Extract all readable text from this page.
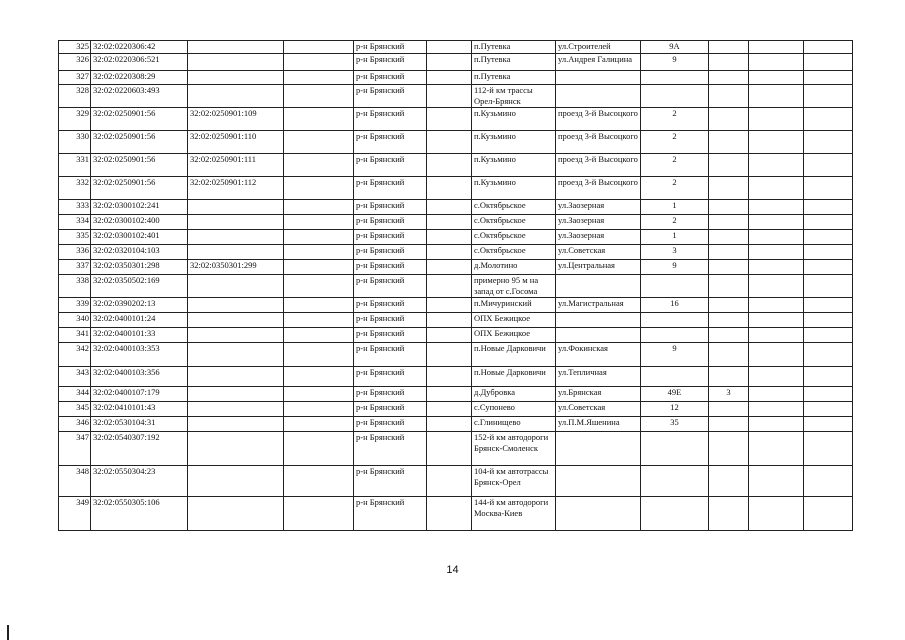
325	32:02:0220306:42			р-н Брянский		п.Путевка	ул.Строителей	9А			
326	32:02:0220306:521			р-н Брянский		п.Путевка	ул.Андрея Галицина	9			
327	32:02:0220308:29			р-н Брянский		п.Путевка					
328	32:02:0220603:493			р-н Брянский		112-й км трассы Орел-Брянск					
329	32:02:0250901:56	32:02:0250901:109		р-н Брянский		п.Кузьмино	проезд 3-й Высоцкого	2			
330	32:02:0250901:56	32:02:0250901:110		р-н Брянский		п.Кузьмино	проезд 3-й Высоцкого	2			
331	32:02:0250901:56	32:02:0250901:111		р-н Брянский		п.Кузьмино	проезд 3-й Высоцкого	2			
332	32:02:0250901:56	32:02:0250901:112		р-н Брянский		п.Кузьмино	проезд 3-й Высоцкого	2			
333	32:02:0300102:241			р-н Брянский		с.Октябрьское	ул.Заозерная	1			
334	32:02:0300102:400			р-н Брянский		с.Октябрьское	ул.Заозерная	2			
335	32:02:0300102:401			р-н Брянский		с.Октябрьское	ул.Заозерная	1			
336	32:02:0320104:103			р-н Брянский		с.Октябрьское	ул.Советская	3			
337	32:02:0350301:298	32:02:0350301:299		р-н Брянский		д.Молотино	ул.Центральная	9			
338	32:02:0350502:169			р-н Брянский		примерно 95 м на запад от с.Госома					
339	32:02:0390202:13			р-н Брянский		п.Мичуринский	ул.Магистральная	16			
340	32:02:0400101:24			р-н Брянский		ОПХ Бежицкое					
341	32:02:0400101:33			р-н Брянский		ОПХ Бежицкое					
342	32:02:0400103:353			р-н Брянский		п.Новые Дарковичи	ул.Фокинская	9			
343	32:02:0400103:356			р-н Брянский		п.Новые Дарковичи	ул.Тепличная				
344	32:02:0400107:179			р-н Брянский		д.Дубровка	ул.Брянская	49Е	3		
345	32:02:0410101:43			р-н Брянский		с.Супонево	ул.Советская	12			
346	32:02:0530104:31			р-н Брянский		с.Глинищево	ул.П.М.Яшенина	35			
347	32:02:0540307:192			р-н Брянский		152-й км автодороги Брянск-Смоленск					
348	32:02:0550304:23			р-н Брянский		104-й км автотрассы Брянск-Орел					
349	32:02:0550305:106			р-н Брянский		144-й км автодороги Москва-Киев					
14
